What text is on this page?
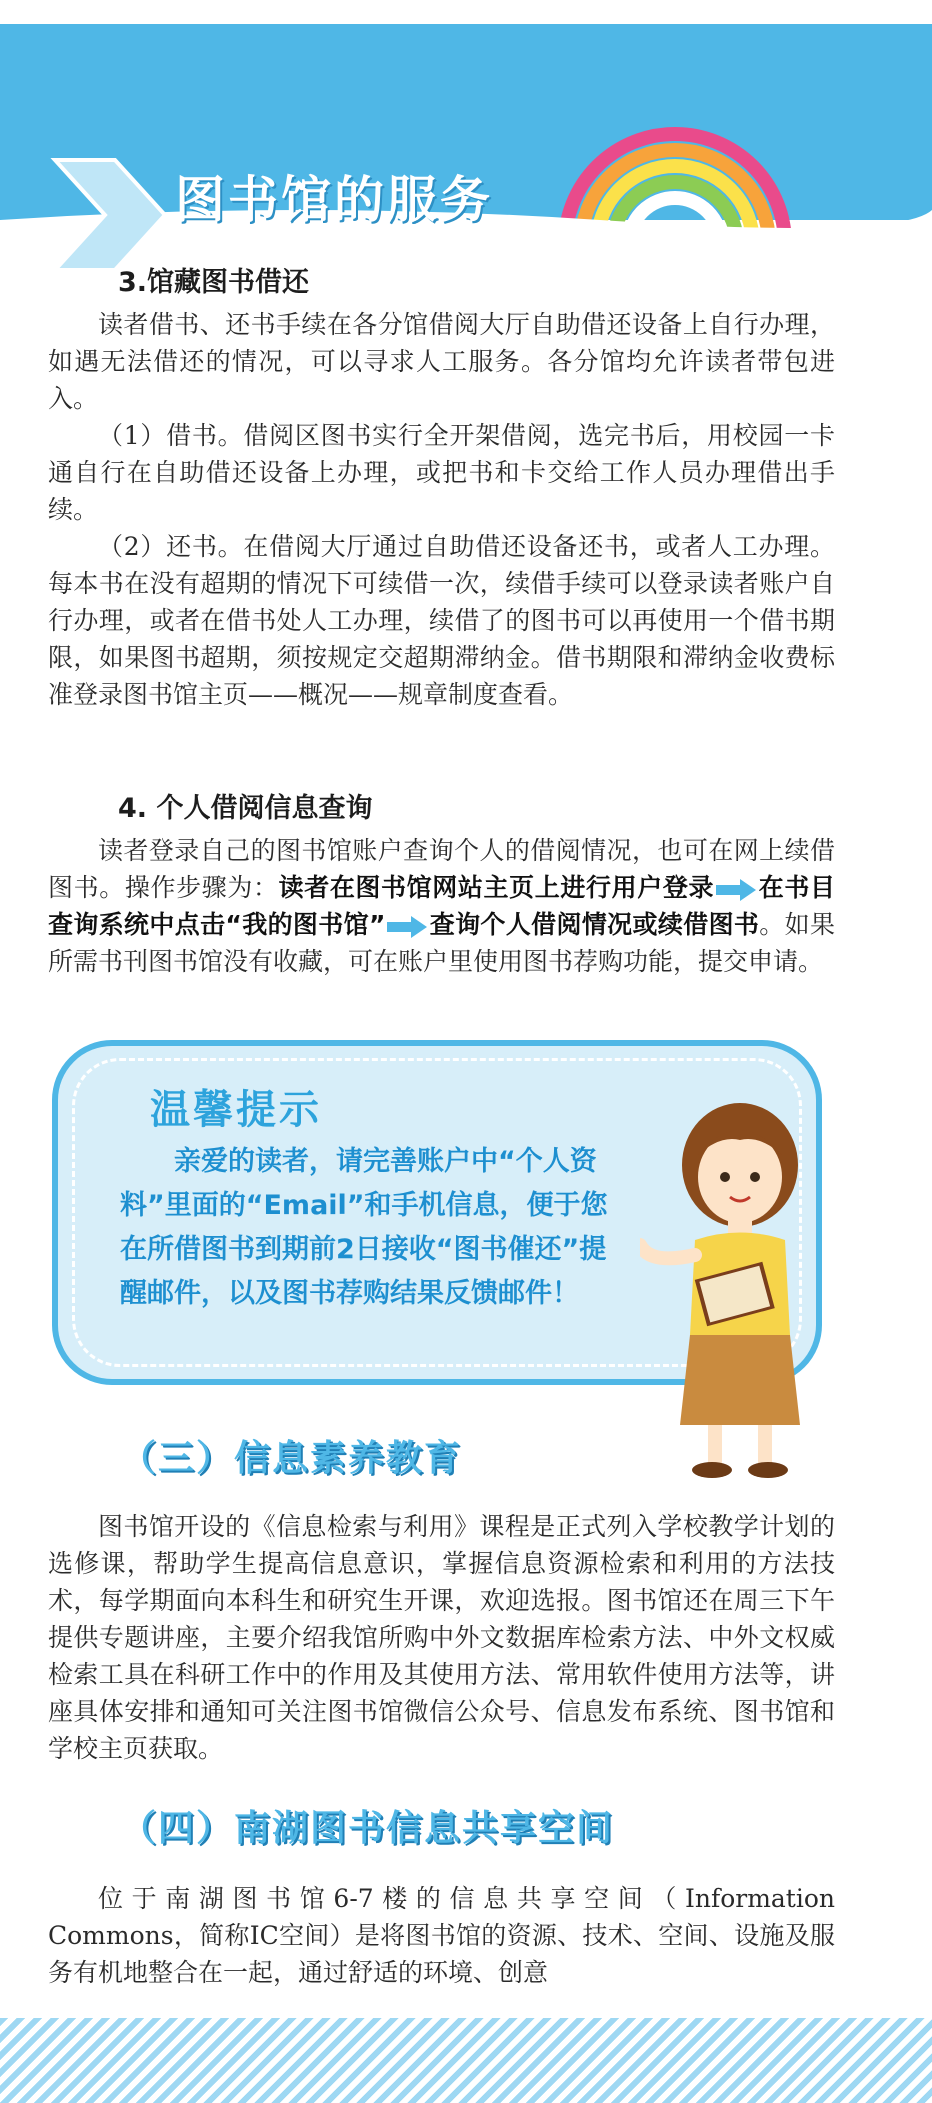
图书馆的服务
3.馆藏图书借还

读者借书、还书手续在各分馆借阅大厅自助借还设备上自行办理，如遇无法借还的情况，可以寻求人工服务。各分馆均允许读者带包进入。

（1）借书。借阅区图书实行全开架借阅，选完书后，用校园一卡通自行在自助借还设备上办理，或把书和卡交给工作人员办理借出手续。

（2）还书。在借阅大厅通过自助借还设备还书，或者人工办理。每本书在没有超期的情况下可续借一次，续借手续可以登录读者账户自行办理，或者在借书处人工办理，续借了的图书可以再使用一个借书期限，如果图书超期，须按规定交超期滞纳金。借书期限和滞纳金收费标准登录图书馆主页——概况——规章制度查看。

4. 个人借阅信息查询

读者登录自己的图书馆账户查询个人的借阅情况，也可在网上续借图书。操作步骤为：读者在图书馆网站主页上进行用户登录 在书目查询系统中点击“我的图书馆” 查询个人借阅情况或续借图书。如果所需书刊图书馆没有收藏，可在账户里使用图书荐购功能，提交申请。

温馨提示

亲爱的读者，请完善账户中“个人资料”里面的“Email”和手机信息，便于您在所借图书到期前2日接收“图书催还”提醒邮件，以及图书荐购结果反馈邮件！

（三）信息素养教育

图书馆开设的《信息检索与利用》课程是正式列入学校教学计划的选修课，帮助学生提高信息意识，掌握信息资源检索和利用的方法技术，每学期面向本科生和研究生开课，欢迎选报。图书馆还在周三下午提供专题讲座，主要介绍我馆所购中外文数据库检索方法、中外文权威检索工具在科研工作中的作用及其使用方法、常用软件使用方法等，讲座具体安排和通知可关注图书馆微信公众号、信息发布系统、图书馆和学校主页获取。

（四）南湖图书信息共享空间

位于南湖图书馆6-7楼的信息共享空间（Information Commons，简称IC空间）是将图书馆的资源、技术、空间、设施及服务有机地整合在一起，通过舒适的环境、创意
